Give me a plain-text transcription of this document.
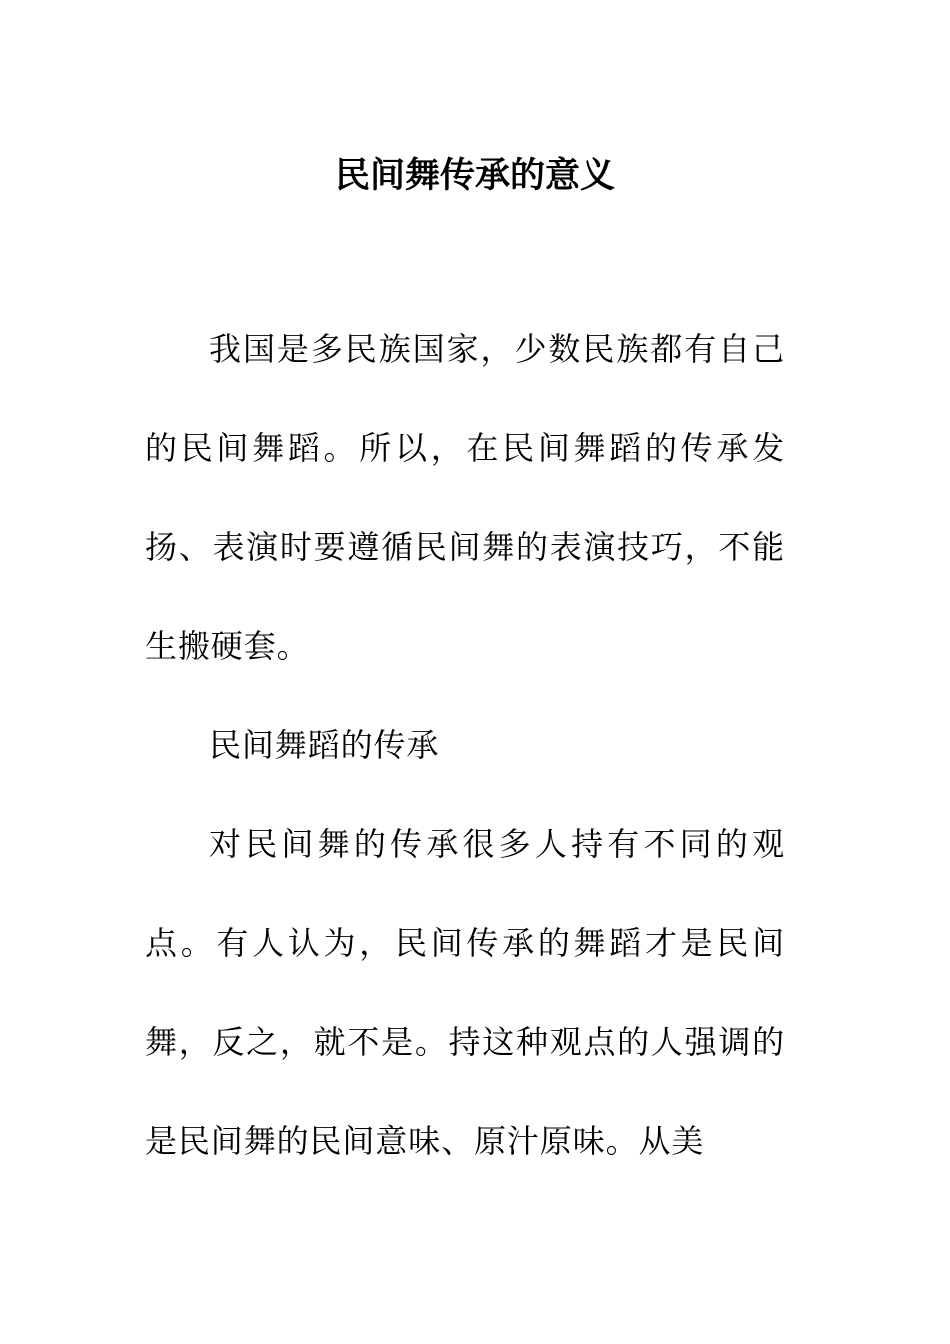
民间舞传承的意义

我国是多民族国家，少数民族都有自己的民间舞蹈。所以，在民间舞蹈的传承发扬、表演时要遵循民间舞的表演技巧，不能生搬硬套。

民间舞蹈的传承

对民间舞的传承很多人持有不同的观点。有人认为，民间传承的舞蹈才是民间舞，反之，就不是。持这种观点的人强调的是民间舞的民间意味、原汁原味。从美
